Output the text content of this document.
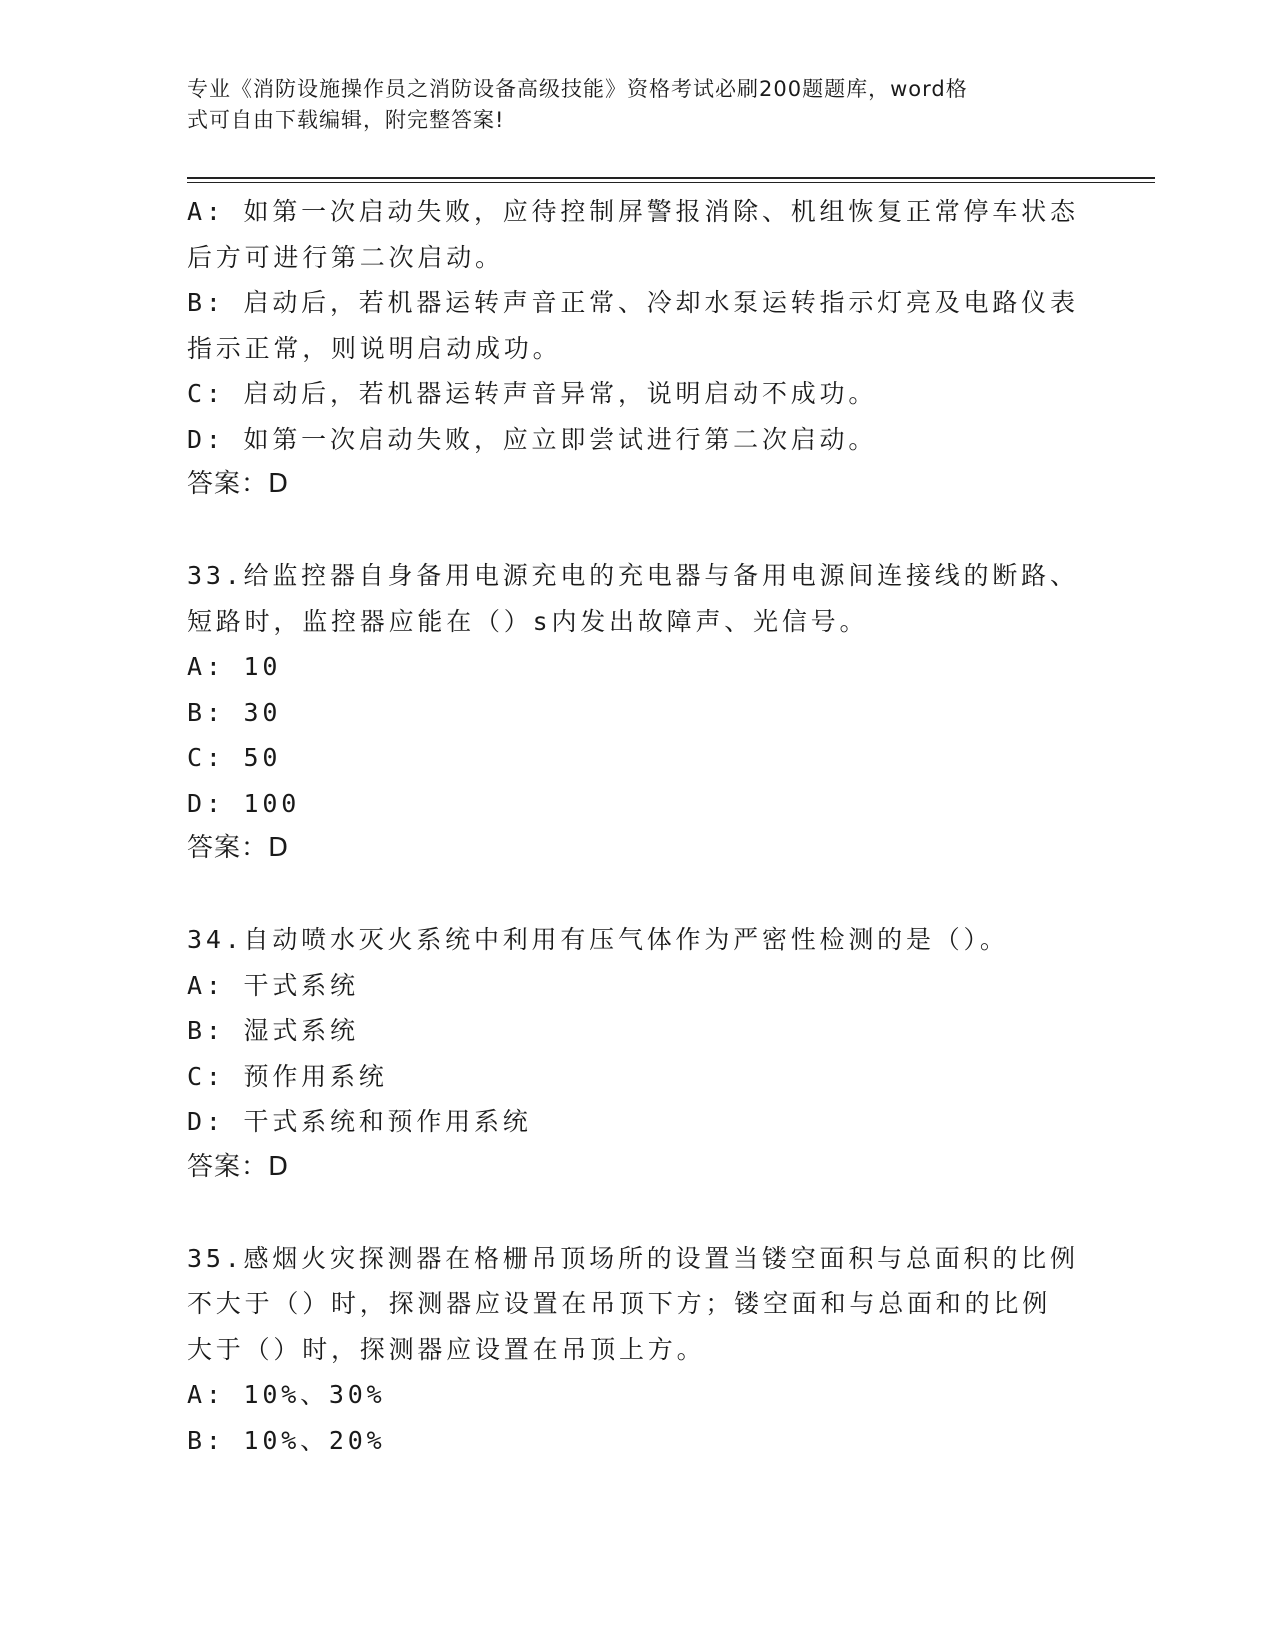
专业《消防设施操作员之消防设备高级技能》资格考试必刷200题题库，word格
式可自由下载编辑，附完整答案!
A: 如第一次启动失败，应待控制屏警报消除、机组恢复正常停车状态
后方可进行第二次启动。
B: 启动后，若机器运转声音正常、冷却水泵运转指示灯亮及电路仪表
指示正常，则说明启动成功。
C: 启动后，若机器运转声音异常，说明启动不成功。
D: 如第一次启动失败，应立即尝试进行第二次启动。
答案：D
33.给监控器自身备用电源充电的充电器与备用电源间连接线的断路、
短路时，监控器应能在（）s内发出故障声、光信号。
A: 10
B: 30
C: 50
D: 100
答案：D
34.自动喷水灭火系统中利用有压气体作为严密性检测的是（）。
A: 干式系统
B: 湿式系统
C: 预作用系统
D: 干式系统和预作用系统
答案：D
35.感烟火灾探测器在格栅吊顶场所的设置当镂空面积与总面积的比例
不大于（）时，探测器应设置在吊顶下方；镂空面和与总面和的比例
大于（）时，探测器应设置在吊顶上方。
A: 10%、30%
B: 10%、20%
